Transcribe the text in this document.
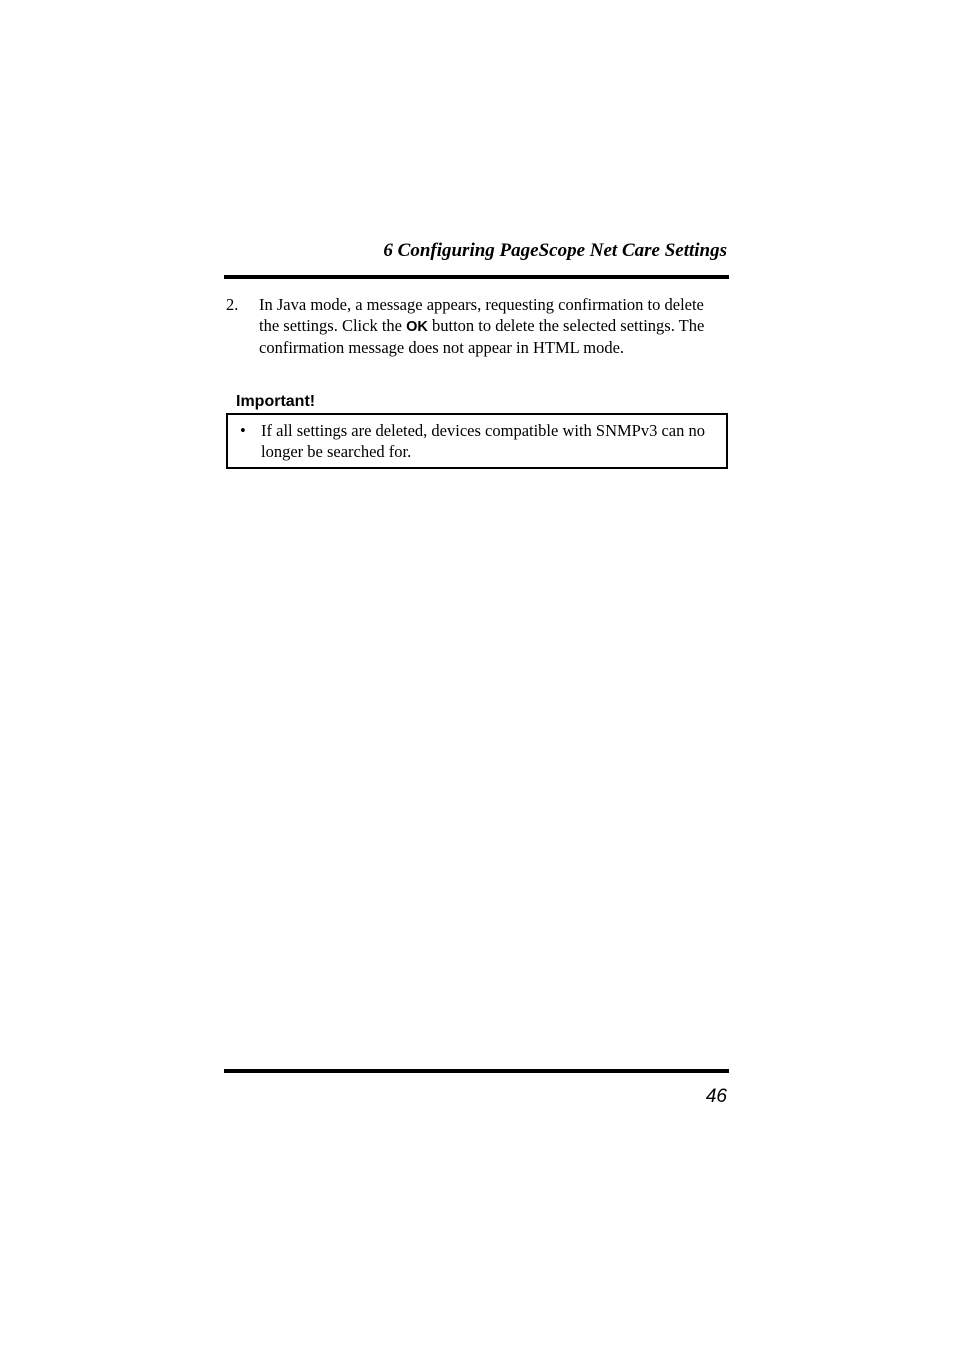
6 Configuring PageScope Net Care Settings
2. In Java mode, a message appears, requesting confirmation to delete the settings. Click the OK button to delete the selected settings. The confirmation message does not appear in HTML mode.
Important!
• If all settings are deleted, devices compatible with SNMPv3 can no longer be searched for.
46
